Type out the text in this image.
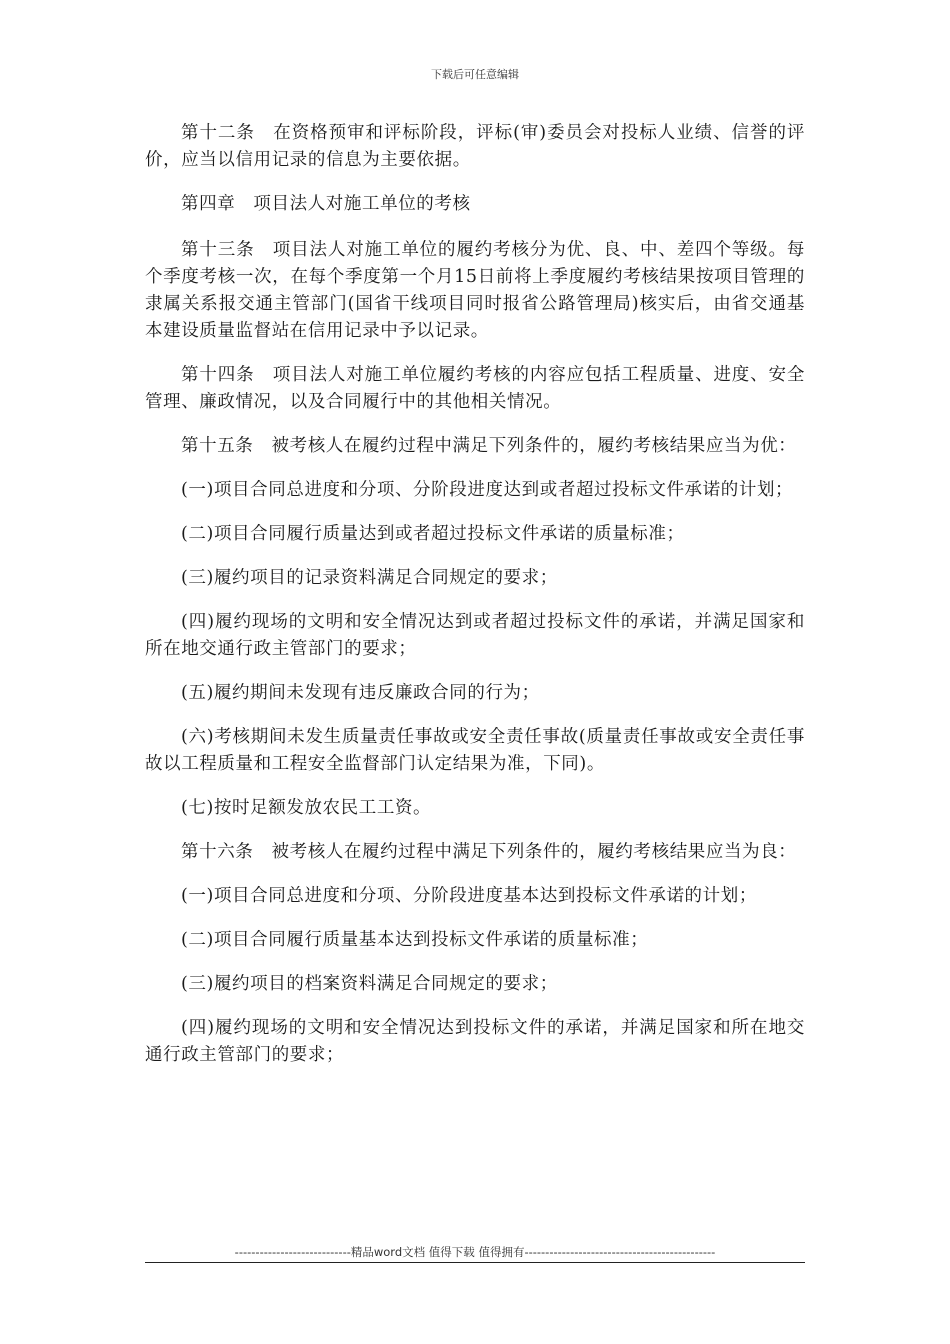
下载后可任意编辑

第十二条　在资格预审和评标阶段，评标(审)委员会对投标人业绩、信誉的评价，应当以信用记录的信息为主要依据。

第四章　项目法人对施工单位的考核

第十三条　项目法人对施工单位的履约考核分为优、良、中、差四个等级。每个季度考核一次，在每个季度第一个月15日前将上季度履约考核结果按项目管理的隶属关系报交通主管部门(国省干线项目同时报省公路管理局)核实后，由省交通基本建设质量监督站在信用记录中予以记录。

第十四条　项目法人对施工单位履约考核的内容应包括工程质量、进度、安全管理、廉政情况，以及合同履行中的其他相关情况。

第十五条　被考核人在履约过程中满足下列条件的，履约考核结果应当为优：

(一)项目合同总进度和分项、分阶段进度达到或者超过投标文件承诺的计划；

(二)项目合同履行质量达到或者超过投标文件承诺的质量标准；

(三)履约项目的记录资料满足合同规定的要求；

(四)履约现场的文明和安全情况达到或者超过投标文件的承诺，并满足国家和所在地交通行政主管部门的要求；

(五)履约期间未发现有违反廉政合同的行为；

(六)考核期间未发生质量责任事故或安全责任事故(质量责任事故或安全责任事故以工程质量和工程安全监督部门认定结果为准，下同)。

(七)按时足额发放农民工工资。

第十六条　被考核人在履约过程中满足下列条件的，履约考核结果应当为良：

(一)项目合同总进度和分项、分阶段进度基本达到投标文件承诺的计划；

(二)项目合同履行质量基本达到投标文件承诺的质量标准；

(三)履约项目的档案资料满足合同规定的要求；

(四)履约现场的文明和安全情况达到投标文件的承诺，并满足国家和所在地交通行政主管部门的要求；

----------------------------精品word文档 值得下载 值得拥有----------------------------------------------
